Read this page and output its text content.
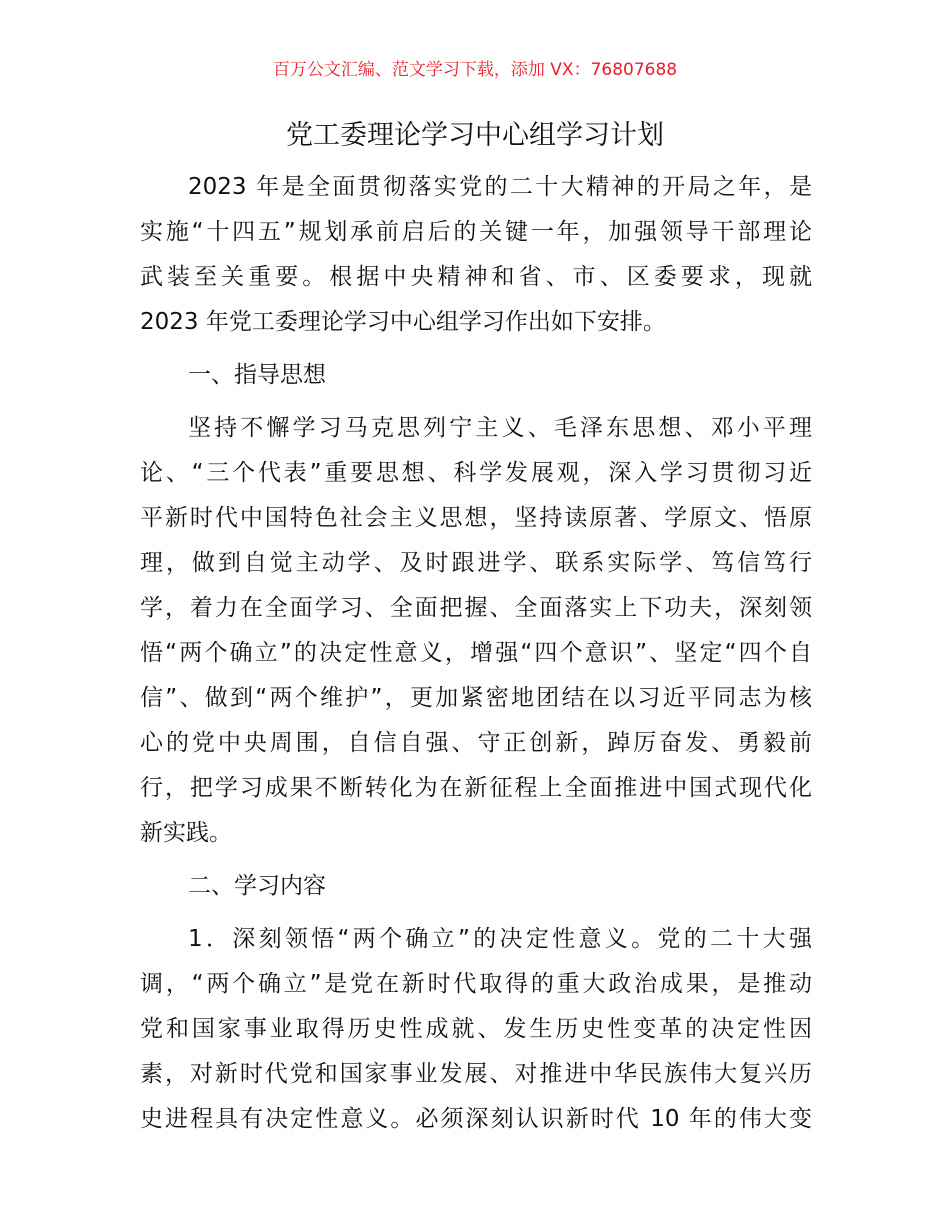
百万公文汇编、范文学习下载，添加 VX：76807688
党工委理论学习中心组学习计划

2023 年是全面贯彻落实党的二十大精神的开局之年，是
实施“十四五”规划承前启后的关键一年，加强领导干部理论
武装至关重要。根据中央精神和省、市、区委要求，现就
2023 年党工委理论学习中心组学习作出如下安排。

一、指导思想

坚持不懈学习马克思列宁主义、毛泽东思想、邓小平理
论、“三个代表”重要思想、科学发展观，深入学习贯彻习近
平新时代中国特色社会主义思想，坚持读原著、学原文、悟原
理，做到自觉主动学、及时跟进学、联系实际学、笃信笃行
学，着力在全面学习、全面把握、全面落实上下功夫，深刻领
悟“两个确立”的决定性意义，增强“四个意识”、坚定“四个自
信”、做到“两个维护”，更加紧密地团结在以习近平同志为核
心的党中央周围，自信自强、守正创新，踔厉奋发、勇毅前
行，把学习成果不断转化为在新征程上全面推进中国式现代化
新实践。

二、学习内容

1．深刻领悟“两个确立”的决定性意义。党的二十大强
调，“两个确立”是党在新时代取得的重大政治成果，是推动
党和国家事业取得历史性成就、发生历史性变革的决定性因
素，对新时代党和国家事业发展、对推进中华民族伟大复兴历
史进程具有决定性意义。必须深刻认识新时代 10 年的伟大变
